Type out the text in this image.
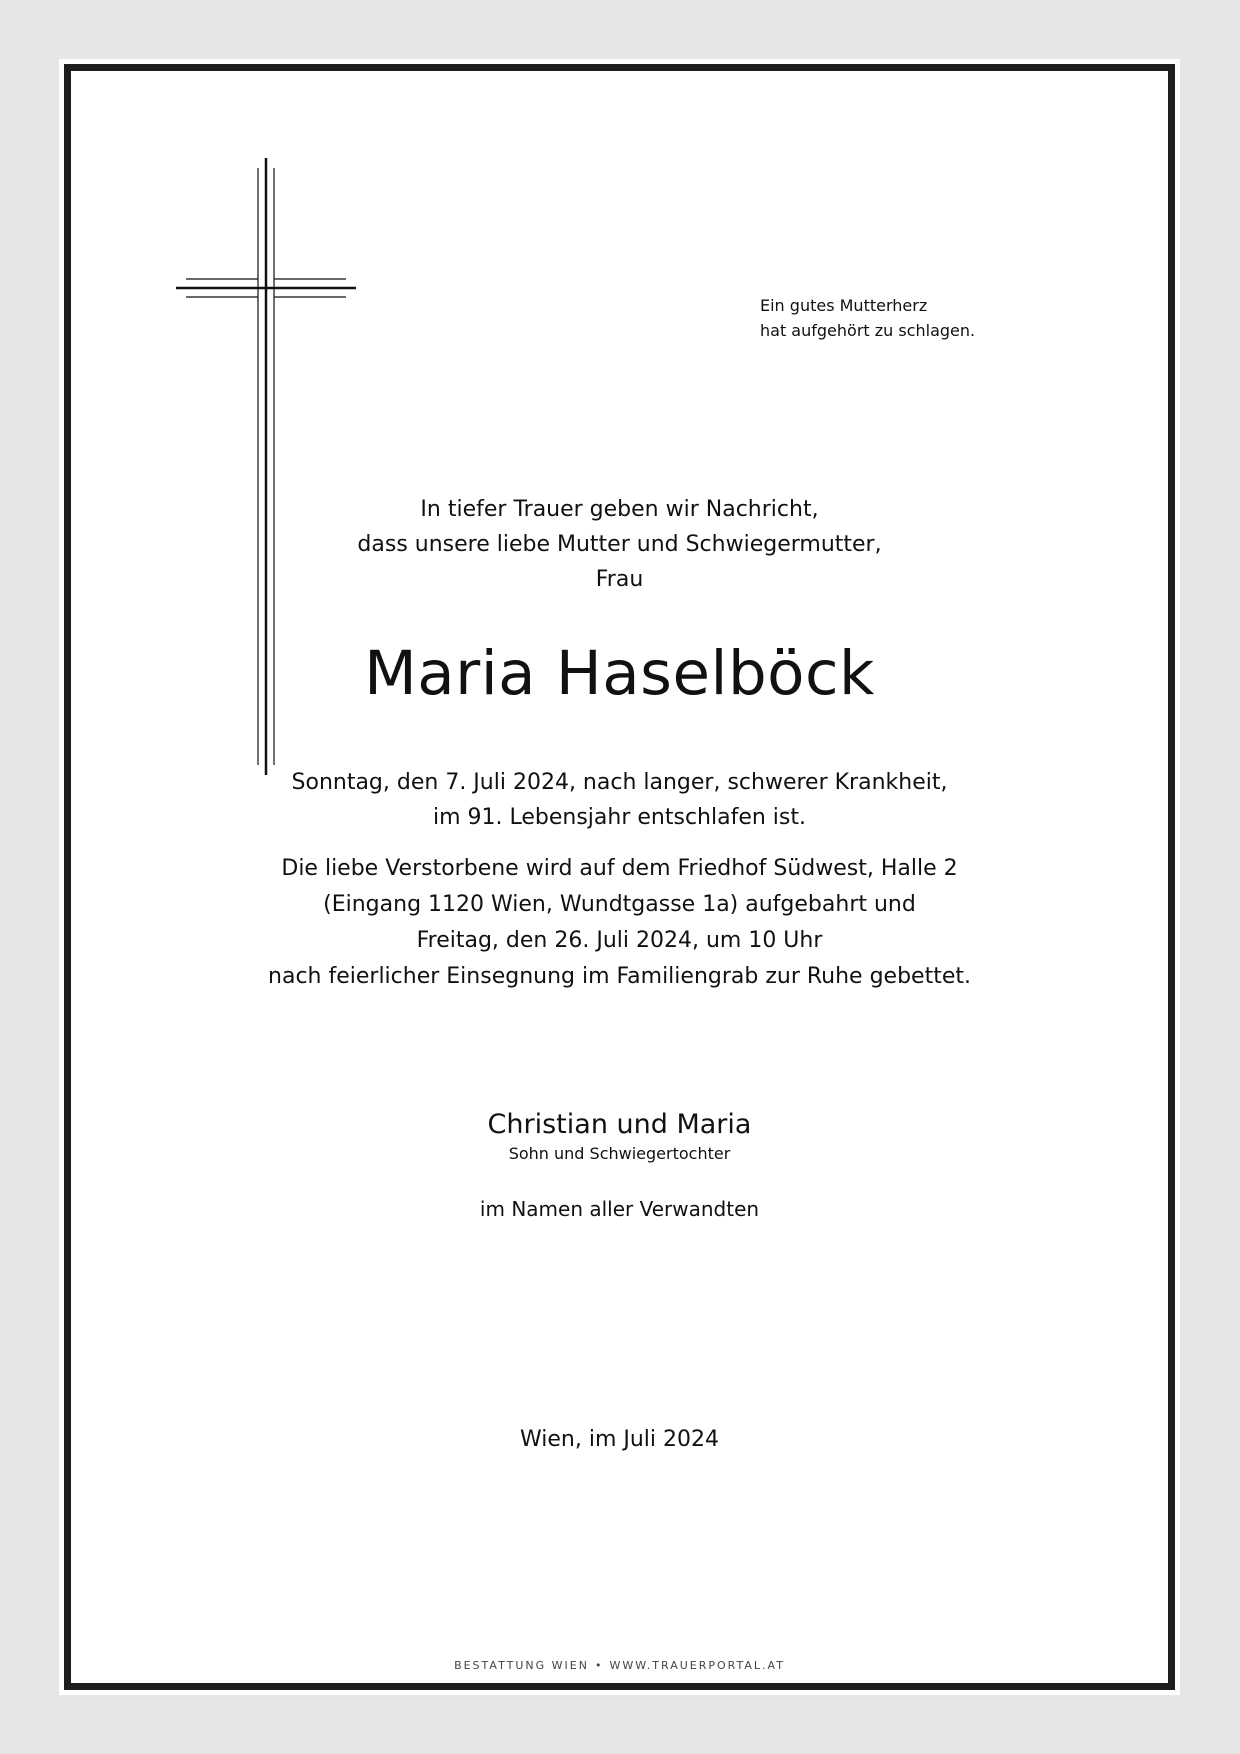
Ein gutes Mutterherz

hat aufgehört zu schlagen.

In tiefer Trauer geben wir Nachricht,

dass unsere liebe Mutter und Schwiegermutter,

Frau

Maria Haselböck

Sonntag, den 7. Juli 2024, nach langer, schwerer Krankheit,

im 91. Lebensjahr entschlafen ist.

Die liebe Verstorbene wird auf dem Friedhof Südwest, Halle 2

(Eingang 1120 Wien, Wundtgasse 1a) aufgebahrt und

Freitag, den 26. Juli 2024, um 10 Uhr

nach feierlicher Einsegnung im Familiengrab zur Ruhe gebettet.

Christian und Maria

Sohn und Schwiegertochter

im Namen aller Verwandten
Wien, im Juli 2024
BESTATTUNG WIEN • WWW.TRAUERPORTAL.AT
